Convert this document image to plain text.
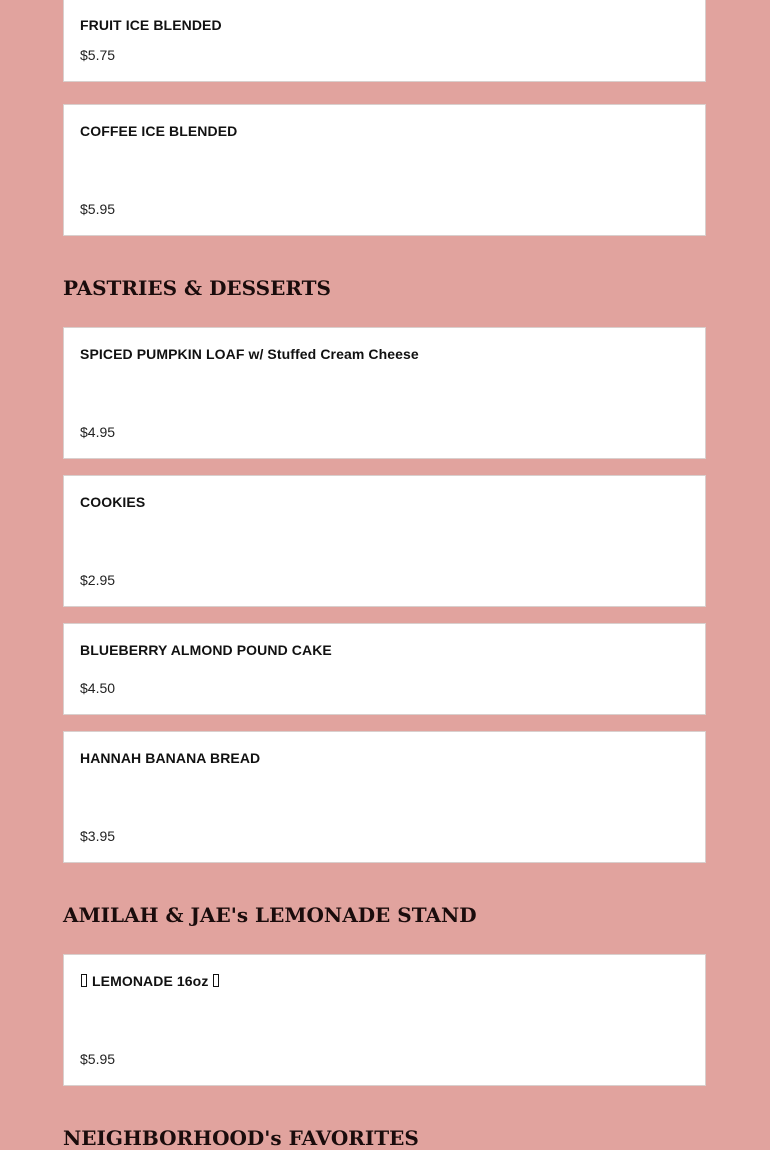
FRUIT ICE BLENDED
$5.75
COFFEE ICE BLENDED
$5.95
PASTRIES & DESSERTS
SPICED PUMPKIN LOAF w/ Stuffed Cream Cheese
$4.95
COOKIES
$2.95
BLUEBERRY ALMOND POUND CAKE
$4.50
HANNAH BANANA BREAD
$3.95
AMILAH & JAE's LEMONADE STAND
LEMONADE 16oz
$5.95
NEIGHBORHOOD's FAVORITES
